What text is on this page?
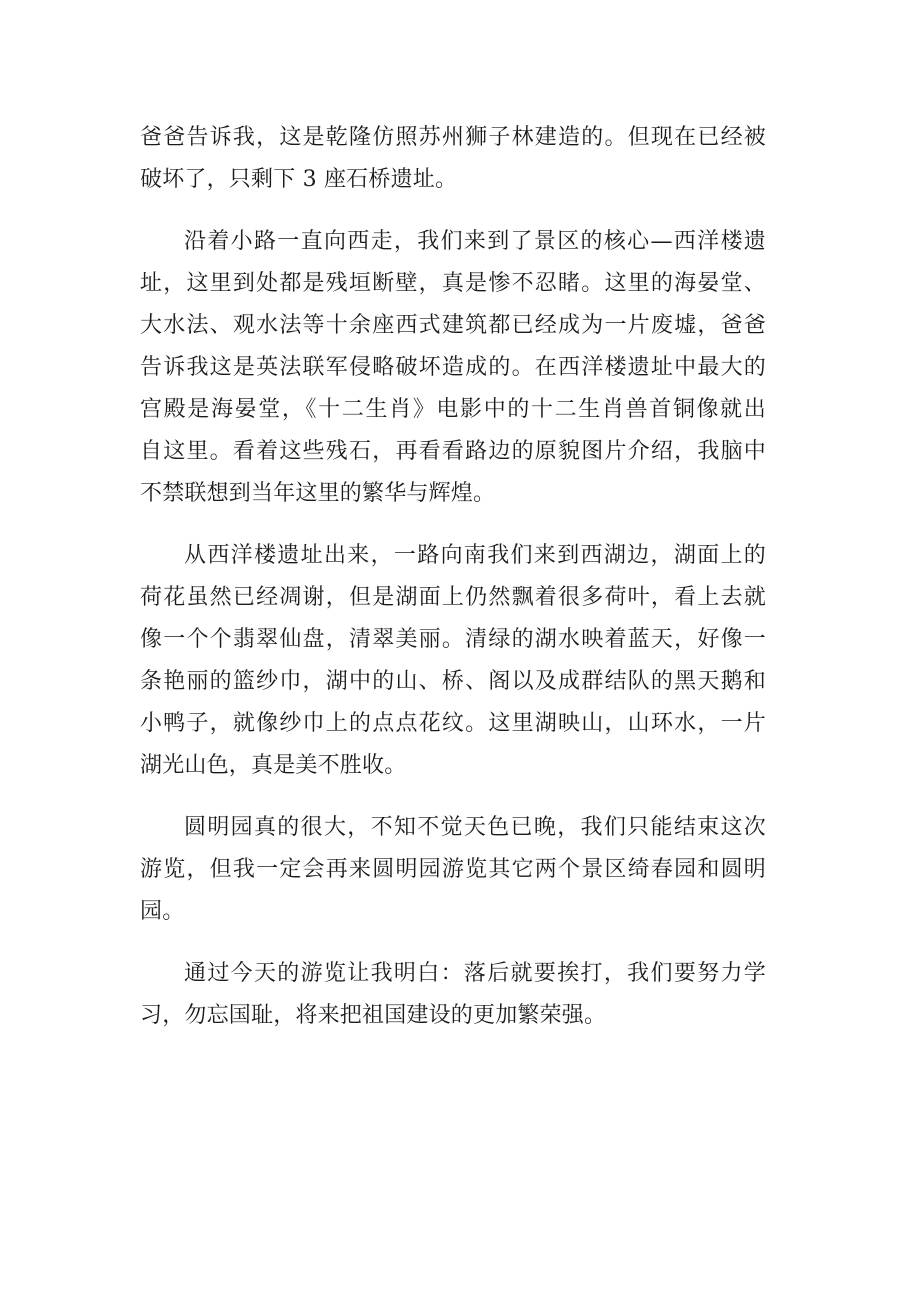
爸爸告诉我，这是乾隆仿照苏州狮子林建造的。但现在已经被
破坏了，只剩下 3 座石桥遗址。

沿着小路一直向西走，我们来到了景区的核心—西洋楼遗
址，这里到处都是残垣断壁，真是惨不忍睹。这里的海晏堂、
大水法、观水法等十余座西式建筑都已经成为一片废墟，爸爸
告诉我这是英法联军侵略破坏造成的。在西洋楼遗址中最大的
宫殿是海晏堂，《十二生肖》电影中的十二生肖兽首铜像就出
自这里。看着这些残石，再看看路边的原貌图片介绍，我脑中
不禁联想到当年这里的繁华与辉煌。

从西洋楼遗址出来，一路向南我们来到西湖边，湖面上的
荷花虽然已经凋谢，但是湖面上仍然飘着很多荷叶，看上去就
像一个个翡翠仙盘，清翠美丽。清绿的湖水映着蓝天，好像一
条艳丽的篮纱巾，湖中的山、桥、阁以及成群结队的黑天鹅和
小鸭子，就像纱巾上的点点花纹。这里湖映山，山环水，一片
湖光山色，真是美不胜收。

圆明园真的很大，不知不觉天色已晚，我们只能结束这次
游览，但我一定会再来圆明园游览其它两个景区绮春园和圆明
园。

通过今天的游览让我明白：落后就要挨打，我们要努力学
习，勿忘国耻，将来把祖国建设的更加繁荣强。
